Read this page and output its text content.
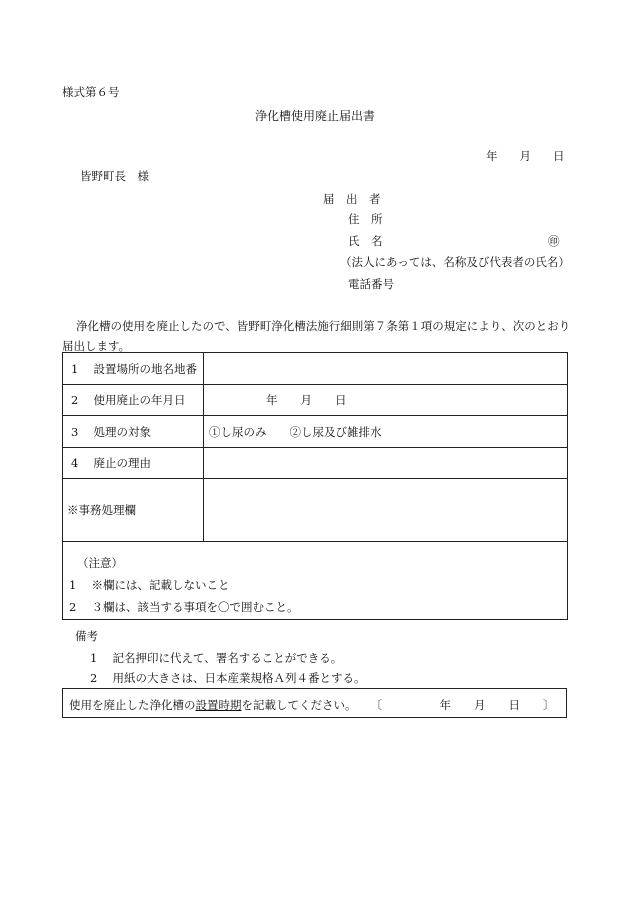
様式第６号
浄化槽使用廃止届出書
年 月 日
皆野町長　様
届　出　者
住　所
氏　名	㊞
（法人にあっては、名称及び代表者の氏名）
電話番号
浄化槽の使用を廃止したので、皆野町浄化槽法施行細則第７条第１項の規定により、次のとおり届出します。
1　 設置場所の地名地番	
2　 使用廃止の年月日	年　　月　　日
3　 処理の対象	①し尿のみ　　②し尿及び雑排水
4　 廃止の理由	
※事務処理欄	

（注意）
1　 ※欄には、記載しないこと
2　 ３欄は、該当する事項を〇で囲むこと。	
備考
1　 記名押印に代えて、署名することができる。
2　 用紙の大きさは、日本産業規格Ａ列４番とする。
使用を廃止した浄化槽の設置時期を記載してください。 〔　　　　　年　　月　　日　　〕
